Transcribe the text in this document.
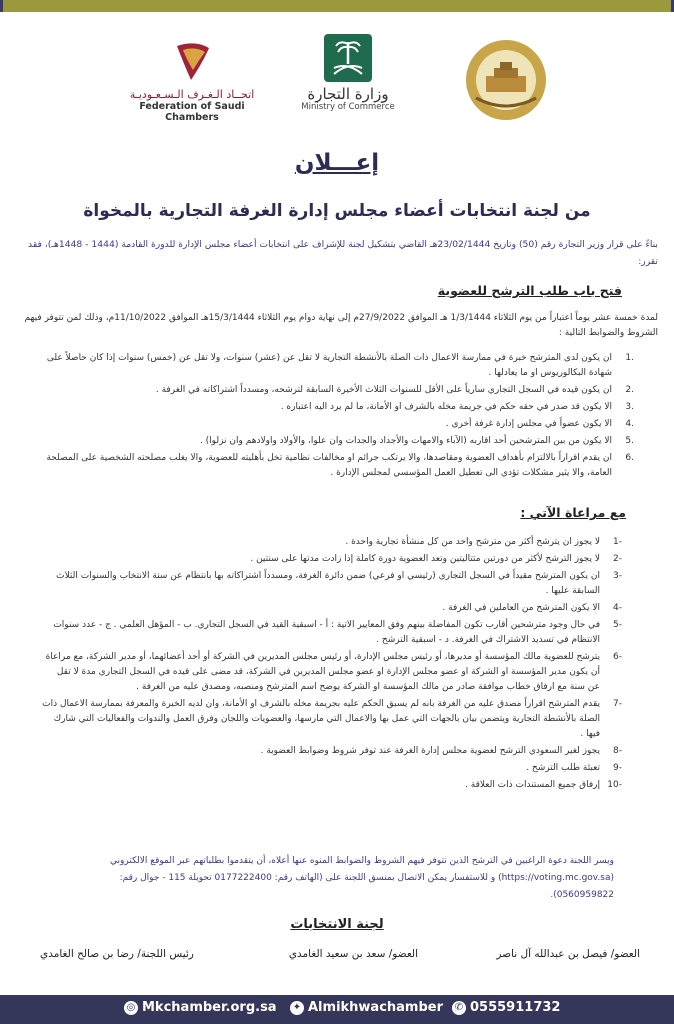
اتحــاد الـغـرف الـسـعـوديـة
Federation of Saudi Chambers
وزارة التجارة
Ministry of Commerce
إعـــلان
من لجنة انتخابات أعضاء مجلس إدارة الغرفة التجارية بالمخواة
بناءً على قرار وزير التجارة رقم (50) وتاريخ 23/02/1444هـ القاضي بتشكيل لجنة للإشراف على انتخابات أعضاء مجلس الإدارة للدورة القادمة (1444 - 1448هـ)، فقد تقرر:
فتح باب طلب الترشح للعضوية
لمدة خمسة عشر يوماً اعتباراً من يوم الثلاثاء 1/3/1444 هـ الموافق 27/9/2022م إلى نهاية دوام يوم الثلاثاء 15/3/1444هـ الموافق 11/10/2022م، وذلك لمن تتوفر فيهم الشروط والضوابط التالية :
.1
ان يكون لدى المترشح خبرة في ممارسة الاعمال ذات الصلة بالأنشطة التجارية لا تقل عن (عشر) سنوات، ولا تقل عن (خمس) سنوات إذا كان حاصلاً على شهادة البكالوريوس او ما يعادلها .
.2
ان يكون قيده في السجل التجاري سارياً على الأقل للسنوات الثلاث الأخيرة السابقة لترشحه، ومسدداً اشتراكاته في الغرفة .
.3
الا يكون قد صدر في حقه حكم في جريمة مخله بالشرف او الأمانة، ما لم يرد اليه اعتباره .
.4
الا يكون عضواً في مجلس إدارة غرفة أخرى .
.5
الا يكون من بين المترشحين أحد اقاربه (الآباء والامهات والأجداد والجدات وان علوا، والأولاد واولادهم وان نزلوا) .
.6
ان يقدم اقراراً بالالتزام بأهداف العضوية ومقاصدها، والا يرتكب جرائم او مخالفات نظامية تخل بأهليته للعضوية، والا يغلب مصلحته الشخصية على المصلحة العامة، والا يثير مشكلات تؤدي الى تعطيل العمل المؤسسي لمجلس الإدارة .
مع مراعاة الآتي :
-1
لا يجوز ان يترشح أكثر من مترشح واحد من كل منشأة تجارية واحدة .
-2
لا يجوز الترشح لأكثر من دورتين متتاليتين وتعد العضوية دورة كاملة إذا زادت مدتها على سنتين .
-3
ان يكون المترشح مقيداً في السجل التجاري (رئيسي او فرعي) ضمن دائرة الغرفة، ومسدداً اشتراكاته بها بانتظام عن سنة الانتخاب والسنوات الثلاث السابقة عليها .
-4
الا يكون المترشح من العاملين في الغرفة .
-5
في حال وجود مترشحين أقارب تكون المفاضلة بينهم وفق المعايير الاتية : أ - اسبقية القيد في السجل التجاري. ب - المؤهل العلمي . ج - عدد سنوات الانتظام في تسديد الاشتراك في الغرفة. د - اسبقية الترشح .
-6
يترشح للعضوية مالك المؤسسة أو مديرها، أو رئيس مجلس الإدارة، أو رئيس مجلس المديرين في الشركة أو أحد أعضائهما، أو مدير الشركة، مع مراعاة أن يكون مدير المؤسسة او الشركة او عضو مجلس الإدارة او عضو مجلس المديرين في الشركة، قد مضى على قيده في السجل التجاري مدة لا تقل عن سنة مع ارفاق خطاب موافقة صادر من مالك المؤسسة او الشركة يوضح اسم المترشح ومنصبه، ومصدق عليه من الغرفة .
-7
يقدم المترشح اقراراً مصدق عليه من الغرفة بانه لم يسبق الحكم عليه بجريمة مخله بالشرف او الأمانة، وان لديه الخبرة والمعرفة بممارسة الاعمال ذات الصلة بالأنشطة التجارية ويتضمن بيان بالجهات التي عمل بها والاعمال التي مارسها، والعضويات واللجان وفرق العمل والندوات والفعاليات التي شارك فيها .
-8
يجوز لغير السعودي الترشح لعضوية مجلس إدارة الغرفة عند توفر شروط وضوابط العضوية .
-9
تعبئة طلب الترشح .
-10
إرفاق جميع المستندات ذات العلاقة .
ويسر اللجنة دعوة الراغبين في الترشح الذين تتوفر فيهم الشروط والضوابط المنوه عنها أعلاه، أن يتقدموا بطلباتهم عبر الموقع الالكتروني (https://voting.mc.gov.sa) و للاستفسار يمكن الاتصال بمنسق اللجنة على (الهاتف رقم: 0177222400 تحويلة 115 - جوال رقم: 0560959822).
لجنة الانتخابات
العضو/ فيصل بن عبدالله آل ناصر
العضو/ سعد بن سعيد الغامدي
رئيس اللجنة/ رضا بن صالح الغامدي
◎ Mkchamber.org.sa ✦ Almikhwachamber ✆ 0555911732
